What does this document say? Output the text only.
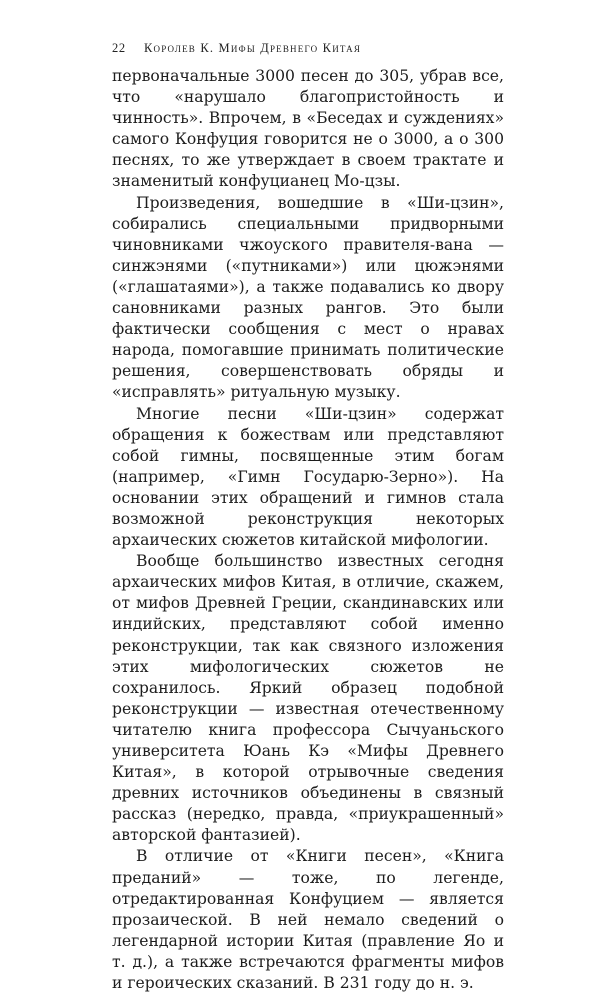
22 Королев К. Мифы Древнего Китая

первоначальные 3000 песен до 305, убрав все, что «нарушало благопристойность и чинность». Впрочем, в «Беседах и суждениях» самого Конфуция говорится не о 3000, а о 300 песнях, то же утверждает в своем трактате и знаменитый конфуцианец Мо-цзы.

Произведения, вошедшие в «Ши-цзин», собирались специальными придворными чиновниками чжоуского правителя-вана — синжэнями («путниками») или цюжэнями («глашатаями»), а также подавались ко двору сановниками разных рангов. Это были фактически сообщения с мест о нравах народа, помогавшие принимать политические решения, совершенствовать обряды и «исправлять» ритуальную музыку.

Многие песни «Ши-цзин» содержат обращения к божествам или представляют собой гимны, посвященные этим богам (например, «Гимн Государю-Зерно»). На основании этих обращений и гимнов стала возможной реконструкция некоторых архаических сюжетов китайской мифологии.

Вообще большинство известных сегодня архаических мифов Китая, в отличие, скажем, от мифов Древней Греции, скандинавских или индийских, представляют собой именно реконструкции, так как связного изложения этих мифологических сюжетов не сохранилось. Яркий образец подобной реконструкции — известная отечественному читателю книга профессора Сычуаньского университета Юань Кэ «Мифы Древнего Китая», в которой отрывочные сведения древних источников объединены в связный рассказ (нередко, правда, «приукрашенный» авторской фантазией).

В отличие от «Книги песен», «Книга преданий» — тоже, по легенде, отредактированная Конфуцием — является прозаической. В ней немало сведений о легендарной истории Китая (правление Яо и т. д.), а также встречаются фрагменты мифов и героических сказаний. В 231 году до н. э.
